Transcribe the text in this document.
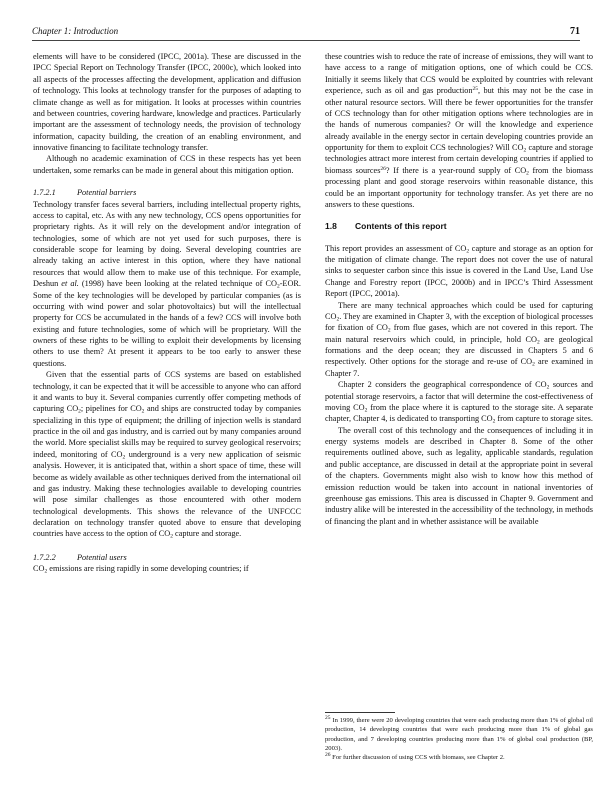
Chapter 1: Introduction	71

elements will have to be considered (IPCC, 2001a). These are discussed in the IPCC Special Report on Technology Transfer (IPCC, 2000c), which looked into all aspects of the processes affecting the development, application and diffusion of technology. This looks at technology transfer for the purposes of adapting to climate change as well as for mitigation. It looks at processes within countries and between countries, covering hardware, knowledge and practices. Particularly important are the assessment of technology needs, the provision of technology information, capacity building, the creation of an enabling environment, and innovative financing to facilitate technology transfer.

Although no academic examination of CCS in these respects has yet been undertaken, some remarks can be made in general about this mitigation option.

1.7.2.1	Potential barriers

Technology transfer faces several barriers, including intellectual property rights, access to capital, etc. As with any new technology, CCS opens opportunities for proprietary rights. As it will rely on the development and/or integration of technologies, some of which are not yet used for such purposes, there is considerable scope for learning by doing. Several developing countries are already taking an active interest in this option, where they have national resources that would allow them to make use of this technique. For example, Deshun et al. (1998) have been looking at the related technique of $CO_2$-EOR. Some of the key technologies will be developed by particular companies (as is occurring with wind power and solar photovoltaics) but will the intellectual property for CCS be accumulated in the hands of a few? CCS will involve both existing and future technologies, some of which will be proprietary. Will the owners of these rights to be willing to exploit their developments by licensing others to use them? At present it appears to be too early to answer these questions.

Given that the essential parts of CCS systems are based on established technology, it can be expected that it will be accessible to anyone who can afford it and wants to buy it. Several companies currently offer competing methods of capturing $CO_2$; pipelines for $CO_2$ and ships are constructed today by companies specializing in this type of equipment; the drilling of injection wells is standard practice in the oil and gas industry, and is carried out by many companies around the world. More specialist skills may be required to survey geological reservoirs; indeed, monitoring of $CO_2$ underground is a very new application of seismic analysis. However, it is anticipated that, within a short space of time, these will become as widely available as other techniques derived from the international oil and gas industry. Making these technologies available to developing countries will pose similar challenges as those encountered with other modern technological developments. This shows the relevance of the UNFCCC declaration on technology transfer quoted above to ensure that developing countries have access to the option of $CO_2$ capture and storage.

1.7.2.2	Potential users

$CO_2$ emissions are rising rapidly in some developing countries; if

these countries wish to reduce the rate of increase of emissions, they will want to have access to a range of mitigation options, one of which could be CCS. Initially it seems likely that CCS would be exploited by countries with relevant experience, such as oil and gas production$^{25}$, but this may not be the case in other natural resource sectors. Will there be fewer opportunities for the transfer of CCS technology than for other mitigation options where technologies are in the hands of numerous companies? Or will the knowledge and experience already available in the energy sector in certain developing countries provide an opportunity for them to exploit CCS technologies? Will $CO_2$ capture and storage technologies attract more interest from certain developing countries if applied to biomass sources$^{26}$? If there is a year-round supply of $CO_2$ from the biomass processing plant and good storage reservoirs within reasonable distance, this could be an important opportunity for technology transfer. As yet there are no answers to these questions.

1.8 Contents of this report

This report provides an assessment of $CO_2$ capture and storage as an option for the mitigation of climate change. The report does not cover the use of natural sinks to sequester carbon since this issue is covered in the Land Use, Land Use Change and Forestry report (IPCC, 2000b) and in IPCC’s Third Assessment Report (IPCC, 2001a).

There are many technical approaches which could be used for capturing $CO_2$. They are examined in Chapter 3, with the exception of biological processes for fixation of $CO_2$ from flue gases, which are not covered in this report. The main natural reservoirs which could, in principle, hold $CO_2$ are geological formations and the deep ocean; they are discussed in Chapters 5 and 6 respectively. Other options for the storage and re-use of $CO_2$ are examined in Chapter 7.

Chapter 2 considers the geographical correspondence of $CO_2$ sources and potential storage reservoirs, a factor that will determine the cost-effectiveness of moving $CO_2$ from the place where it is captured to the storage site. A separate chapter, Chapter 4, is dedicated to transporting $CO_2$ from capture to storage sites.

The overall cost of this technology and the consequences of including it in energy systems models are described in Chapter 8. Some of the other requirements outlined above, such as legality, applicable standards, regulation and public acceptance, are discussed in detail at the appropriate point in several of the chapters. Governments might also wish to know how this method of emission reduction would be taken into account in national inventories of greenhouse gas emissions. This area is discussed in Chapter 9. Government and industry alike will be interested in the accessibility of the technology, in methods of financing the plant and in whether assistance will be available

$^{25}$ In 1999, there were 20 developing countries that were each producing more than 1% of global oil production, 14 developing countries that were each producing more than 1% of global gas production, and 7 developing countries producing more than 1% of global coal production (BP, 2003).

$^{26}$ For further discussion of using CCS with biomass, see Chapter 2.
